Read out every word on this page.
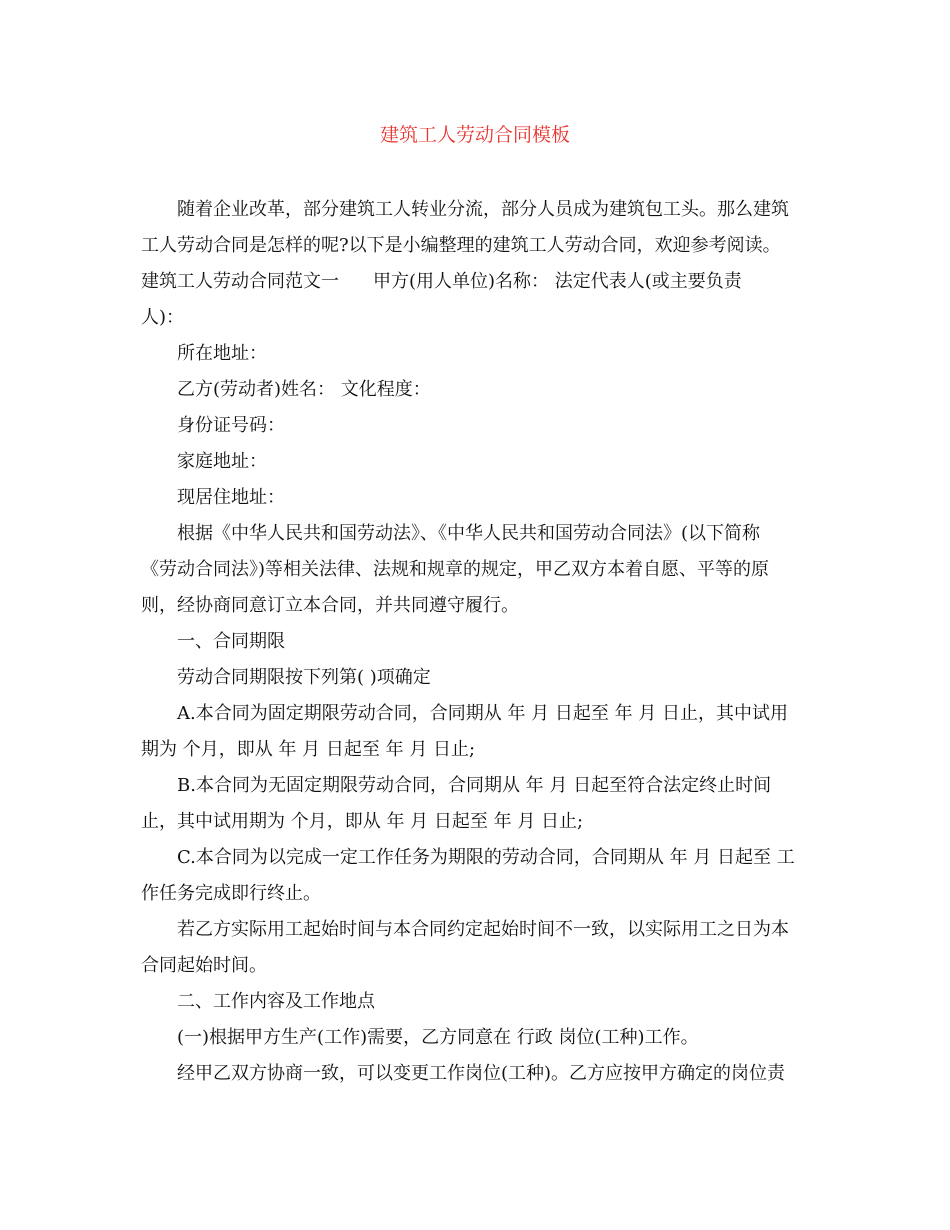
建筑工人劳动合同模板
随着企业改革，部分建筑工人转业分流，部分人员成为建筑包工头。那么建筑
工人劳动合同是怎样的呢?以下是小编整理的建筑工人劳动合同，欢迎参考阅读。
建筑工人劳动合同范文一 甲方(用人单位)名称： 法定代表人(或主要负责
人)：
所在地址：
乙方(劳动者)姓名： 文化程度：
身份证号码：
家庭地址：
现居住地址：
根据《中华人民共和国劳动法》、《中华人民共和国劳动合同法》(以下简称
《劳动合同法》)等相关法律、法规和规章的规定，甲乙双方本着自愿、平等的原
则，经协商同意订立本合同，并共同遵守履行。
一、合同期限
劳动合同期限按下列第( )项确定
A.本合同为固定期限劳动合同，合同期从 年 月 日起至 年 月 日止，其中试用
期为 个月，即从 年 月 日起至 年 月 日止;
B.本合同为无固定期限劳动合同，合同期从 年 月 日起至符合法定终止时间
止，其中试用期为 个月，即从 年 月 日起至 年 月 日止;
C.本合同为以完成一定工作任务为期限的劳动合同，合同期从 年 月 日起至 工
作任务完成即行终止。
若乙方实际用工起始时间与本合同约定起始时间不一致，以实际用工之日为本
合同起始时间。
二、工作内容及工作地点
(一)根据甲方生产(工作)需要，乙方同意在 行政 岗位(工种)工作。
经甲乙双方协商一致，可以变更工作岗位(工种)。乙方应按甲方确定的岗位责
